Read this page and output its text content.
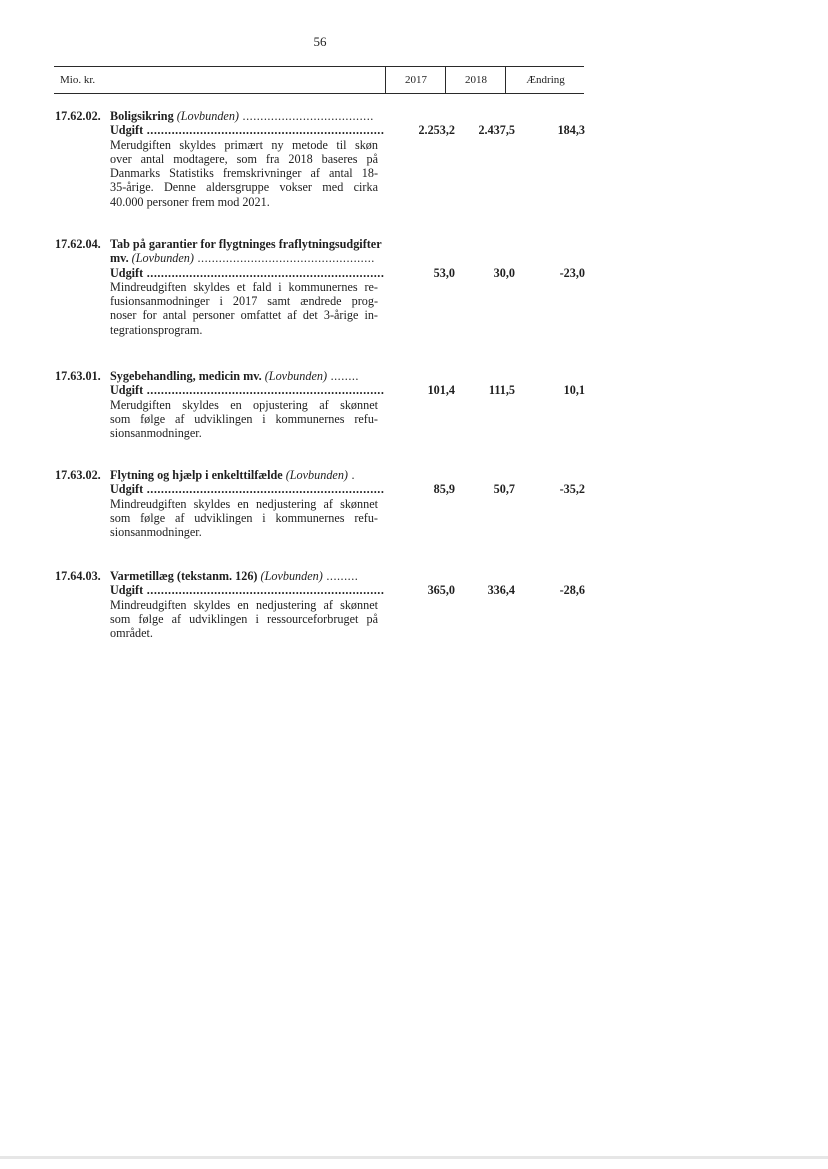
56
Mio. kr.	2017	2018	Ændring
17.62.02. Boligsikring (Lovbunden) .....................................
Udgift ...................................................................	2.253,2	2.437,5	184,3
Merudgiften skyldes primært ny metode til skøn
over antal modtagere, som fra 2018 baseres på
Danmarks Statistiks fremskrivninger af antal 18-
35-årige. Denne aldersgruppe vokser med cirka
40.000 personer frem mod 2021.
17.62.04. Tab på garantier for flygtninges fraflytningsudgifter
mv. (Lovbunden) ..................................................
Udgift ...................................................................	53,0	30,0	-23,0
Mindreudgiften skyldes et fald i kommunernes re-
fusionsanmodninger i 2017 samt ændrede prog-
noser for antal personer omfattet af det 3-årige in-
tegrationsprogram.
17.63.01. Sygebehandling, medicin mv. (Lovbunden) ........
Udgift ...................................................................	101,4	111,5	10,1
Merudgiften skyldes en opjustering af skønnet
som følge af udviklingen i kommunernes refu-
sionsanmodninger.
17.63.02. Flytning og hjælp i enkelttilfælde (Lovbunden) .
Udgift ...................................................................	85,9	50,7	-35,2
Mindreudgiften skyldes en nedjustering af skønnet
som følge af udviklingen i kommunernes refu-
sionsanmodninger.
17.64.03. Varmetillæg (tekstanm. 126) (Lovbunden) .........
Udgift ...................................................................	365,0	336,4	-28,6
Mindreudgiften skyldes en nedjustering af skønnet
som følge af udviklingen i ressourceforbruget på
området.
